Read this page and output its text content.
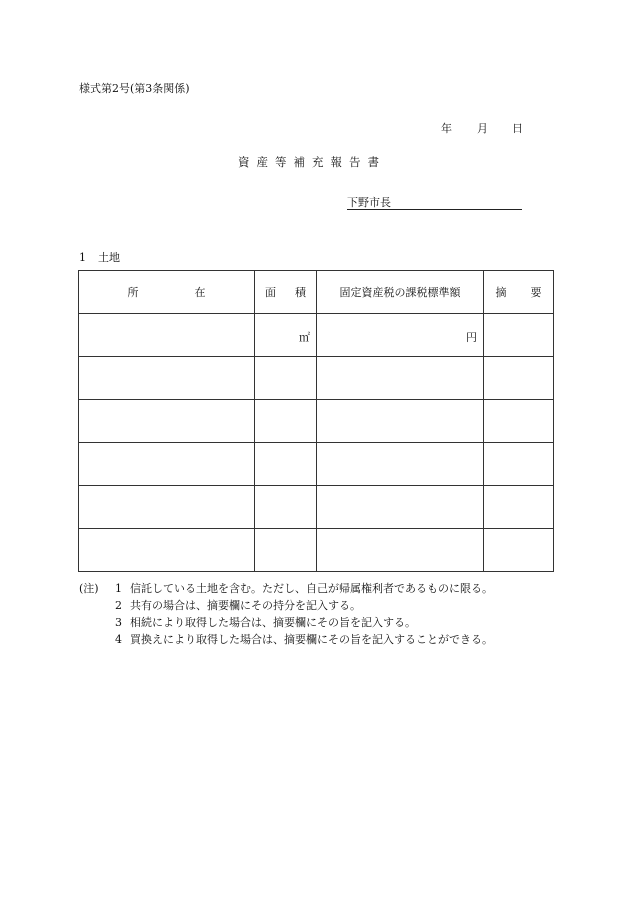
様式第2号(第3条関係)
年 月 日
資産等補充報告書
下野市長
1 土地
所 在	面 積	固定資産税の課税標準額	摘 要

	㎡	円	

(注)	1 信託している土地を含む。ただし、自己が帰属権利者であるものに限る。
2 共有の場合は、摘要欄にその持分を記入する。
3 相続により取得した場合は、摘要欄にその旨を記入する。
4 買換えにより取得した場合は、摘要欄にその旨を記入することができる。
